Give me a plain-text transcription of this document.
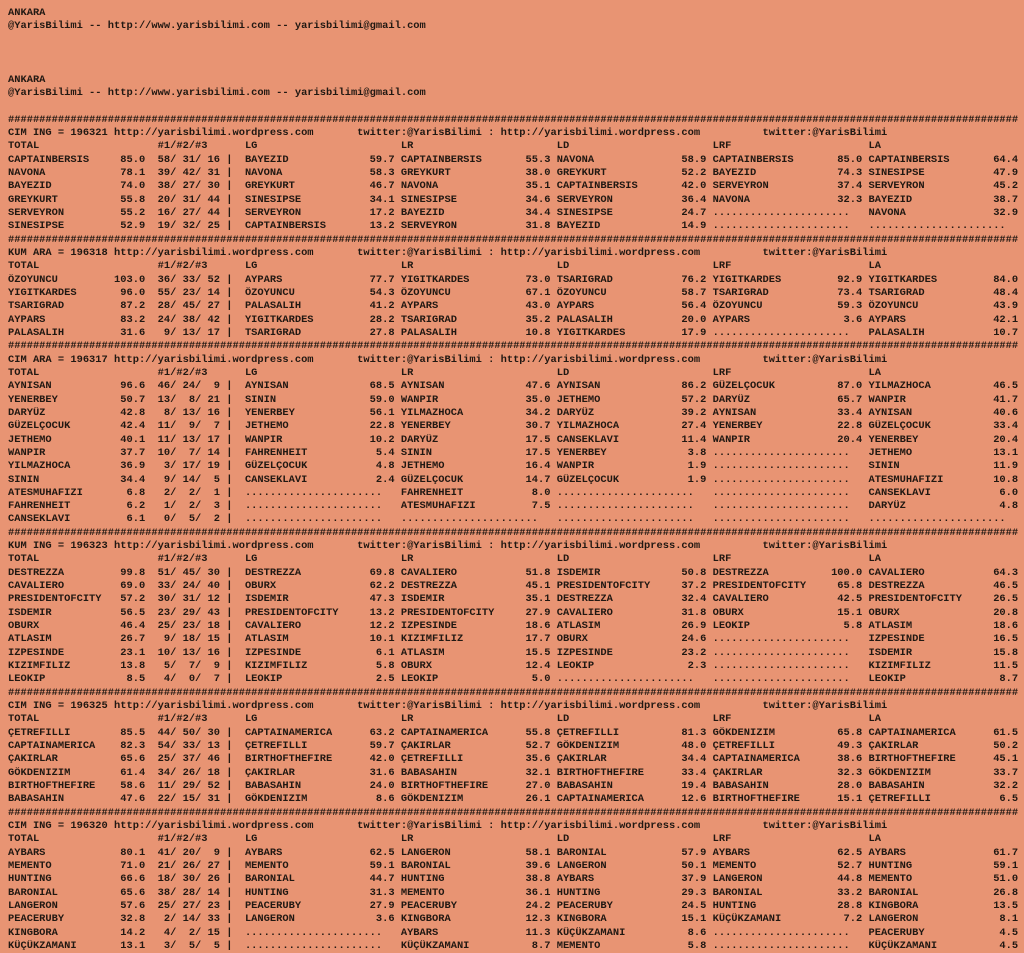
ANKARA
@YarisBilimi -- http://www.yarisbilimi.com -- yarisbilimi@gmail.com
ANKARA
@YarisBilimi -- http://www.yarisbilimi.com -- yarisbilimi@gmail.com
##################################################################################################################################################################
CIM ING = 196321 http://yarisbilimi.wordpress.com       twitter:@YarisBilimi : http://yarisbilimi.wordpress.com          twitter:@YarisBilimi
TOTAL                   #1/#2/#3      LG                       LR                       LD                       LRF                      LA
CAPTAINBERSIS     85.0  58/ 31/ 16 |  BAYEZID             59.7 CAPTAINBERSIS       55.3 NAVONA              58.9 CAPTAINBERSIS       85.0 CAPTAINBERSIS       64.4
NAVONA            78.1  39/ 42/ 31 |  NAVONA              58.3 GREYKURT            38.0 GREYKURT            52.2 BAYEZID             74.3 SINESIPSE           47.9
BAYEZID           74.0  38/ 27/ 30 |  GREYKURT            46.7 NAVONA              35.1 CAPTAINBERSIS       42.0 SERVEYRON           37.4 SERVEYRON           45.2
GREYKURT          55.8  20/ 31/ 44 |  SINESIPSE           34.1 SINESIPSE           34.6 SERVEYRON           36.4 NAVONA              32.3 BAYEZID             38.7
SERVEYRON         55.2  16/ 27/ 44 |  SERVEYRON           17.2 BAYEZID             34.4 SINESIPSE           24.7 ......................   NAVONA              32.9
SINESIPSE         52.9  19/ 32/ 25 |  CAPTAINBERSIS       13.2 SERVEYRON           31.8 BAYEZID             14.9 ......................   ......................
##################################################################################################################################################################
KUM ARA = 196318 http://yarisbilimi.wordpress.com       twitter:@YarisBilimi : http://yarisbilimi.wordpress.com          twitter:@YarisBilimi
TOTAL                   #1/#2/#3      LG                       LR                       LD                       LRF                      LA
ÖZOYUNCU         103.0  36/ 33/ 52 |  AYPARS              77.7 YIGITKARDES         73.0 TSARIGRAD           76.2 YIGITKARDES         92.9 YIGITKARDES         84.0
YIGITKARDES       96.0  55/ 23/ 14 |  ÖZOYUNCU            54.3 ÖZOYUNCU            67.1 ÖZOYUNCU            58.7 TSARIGRAD           73.4 TSARIGRAD           48.4
TSARIGRAD         87.2  28/ 45/ 27 |  PALASALIH           41.2 AYPARS              43.0 AYPARS              56.4 ÖZOYUNCU            59.3 ÖZOYUNCU            43.9
AYPARS            83.2  24/ 38/ 42 |  YIGITKARDES         28.2 TSARIGRAD           35.2 PALASALIH           20.0 AYPARS               3.6 AYPARS              42.1
PALASALIH         31.6   9/ 13/ 17 |  TSARIGRAD           27.8 PALASALIH           10.8 YIGITKARDES         17.9 ......................   PALASALIH           10.7
##################################################################################################################################################################
CIM ARA = 196317 http://yarisbilimi.wordpress.com       twitter:@YarisBilimi : http://yarisbilimi.wordpress.com          twitter:@YarisBilimi
TOTAL                   #1/#2/#3      LG                       LR                       LD                       LRF                      LA
AYNISAN           96.6  46/ 24/  9 |  AYNISAN             68.5 AYNISAN             47.6 AYNISAN             86.2 GÜZELÇOCUK          87.0 YILMAZHOCA          46.5
YENERBEY          50.7  13/  8/ 21 |  SININ               59.0 WANPIR              35.0 JETHEMO             57.2 DARYÜZ              65.7 WANPIR              41.7
DARYÜZ            42.8   8/ 13/ 16 |  YENERBEY            56.1 YILMAZHOCA          34.2 DARYÜZ              39.2 AYNISAN             33.4 AYNISAN             40.6
GÜZELÇOCUK        42.4  11/  9/  7 |  JETHEMO             22.8 YENERBEY            30.7 YILMAZHOCA          27.4 YENERBEY            22.8 GÜZELÇOCUK          33.4
JETHEMO           40.1  11/ 13/ 17 |  WANPIR              10.2 DARYÜZ              17.5 CANSEKLAVI          11.4 WANPIR              20.4 YENERBEY            20.4
WANPIR            37.7  10/  7/ 14 |  FAHRENHEIT           5.4 SININ               17.5 YENERBEY             3.8 ......................   JETHEMO             13.1
YILMAZHOCA        36.9   3/ 17/ 19 |  GÜZELÇOCUK           4.8 JETHEMO             16.4 WANPIR               1.9 ......................   SININ               11.9
SININ             34.4   9/ 14/  5 |  CANSEKLAVI           2.4 GÜZELÇOCUK          14.7 GÜZELÇOCUK           1.9 ......................   ATESMUHAFIZI        10.8
ATESMUHAFIZI       6.8   2/  2/  1 |  ......................   FAHRENHEIT           8.0 ......................   ......................   CANSEKLAVI           6.0
FAHRENHEIT         6.2   1/  2/  3 |  ......................   ATESMUHAFIZI         7.5 ......................   ......................   DARYÜZ               4.8
CANSEKLAVI         6.1   0/  5/  2 |  ......................   ......................   ......................   ......................   ......................
##################################################################################################################################################################
KUM ING = 196323 http://yarisbilimi.wordpress.com       twitter:@YarisBilimi : http://yarisbilimi.wordpress.com          twitter:@YarisBilimi
TOTAL                   #1/#2/#3      LG                       LR                       LD                       LRF                      LA
DESTREZZA         99.8  51/ 45/ 30 |  DESTREZZA           69.8 CAVALIERO           51.8 ISDEMIR             50.8 DESTREZZA          100.0 CAVALIERO           64.3
CAVALIERO         69.0  33/ 24/ 40 |  OBURX               62.2 DESTREZZA           45.1 PRESIDENTOFCITY     37.2 PRESIDENTOFCITY     65.8 DESTREZZA           46.5
PRESIDENTOFCITY   57.2  30/ 31/ 12 |  ISDEMIR             47.3 ISDEMIR             35.1 DESTREZZA           32.4 CAVALIERO           42.5 PRESIDENTOFCITY     26.5
ISDEMIR           56.5  23/ 29/ 43 |  PRESIDENTOFCITY     13.2 PRESIDENTOFCITY     27.9 CAVALIERO           31.8 OBURX               15.1 OBURX               20.8
OBURX             46.4  25/ 23/ 18 |  CAVALIERO           12.2 IZPESINDE           18.6 ATLASIM             26.9 LEOKIP               5.8 ATLASIM             18.6
ATLASIM           26.7   9/ 18/ 15 |  ATLASIM             10.1 KIZIMFILIZ          17.7 OBURX               24.6 ......................   IZPESINDE           16.5
IZPESINDE         23.1  10/ 13/ 16 |  IZPESINDE            6.1 ATLASIM             15.5 IZPESINDE           23.2 ......................   ISDEMIR             15.8
KIZIMFILIZ        13.8   5/  7/  9 |  KIZIMFILIZ           5.8 OBURX               12.4 LEOKIP               2.3 ......................   KIZIMFILIZ          11.5
LEOKIP             8.5   4/  0/  7 |  LEOKIP               2.5 LEOKIP               5.0 ......................   ......................   LEOKIP               8.7
##################################################################################################################################################################
CIM ING = 196325 http://yarisbilimi.wordpress.com       twitter:@YarisBilimi : http://yarisbilimi.wordpress.com          twitter:@YarisBilimi
TOTAL                   #1/#2/#3      LG                       LR                       LD                       LRF                      LA
ÇETREFILLI        85.5  44/ 50/ 30 |  CAPTAINAMERICA      63.2 CAPTAINAMERICA      55.8 ÇETREFILLI          81.3 GÖKDENIZIM          65.8 CAPTAINAMERICA      61.5
CAPTAINAMERICA    82.3  54/ 33/ 13 |  ÇETREFILLI          59.7 ÇAKIRLAR            52.7 GÖKDENIZIM          48.0 ÇETREFILLI          49.3 ÇAKIRLAR            50.2
ÇAKIRLAR          65.6  25/ 37/ 46 |  BIRTHOFTHEFIRE      42.0 ÇETREFILLI          35.6 ÇAKIRLAR            34.4 CAPTAINAMERICA      38.6 BIRTHOFTHEFIRE      45.1
GÖKDENIZIM        61.4  34/ 26/ 18 |  ÇAKIRLAR            31.6 BABASAHIN           32.1 BIRTHOFTHEFIRE      33.4 ÇAKIRLAR            32.3 GÖKDENIZIM          33.7
BIRTHOFTHEFIRE    58.6  11/ 29/ 52 |  BABASAHIN           24.0 BIRTHOFTHEFIRE      27.0 BABASAHIN           19.4 BABASAHIN           28.0 BABASAHIN           32.2
BABASAHIN         47.6  22/ 15/ 31 |  GÖKDENIZIM           8.6 GÖKDENIZIM          26.1 CAPTAINAMERICA      12.6 BIRTHOFTHEFIRE      15.1 ÇETREFILLI           6.5
##################################################################################################################################################################
CIM ING = 196320 http://yarisbilimi.wordpress.com       twitter:@YarisBilimi : http://yarisbilimi.wordpress.com          twitter:@YarisBilimi
TOTAL                   #1/#2/#3      LG                       LR                       LD                       LRF                      LA
AYBARS            80.1  41/ 20/  9 |  AYBARS              62.5 LANGERON            58.1 BARONIAL            57.9 AYBARS              62.5 AYBARS              61.7
MEMENTO           71.0  21/ 26/ 27 |  MEMENTO             59.1 BARONIAL            39.6 LANGERON            50.1 MEMENTO             52.7 HUNTING             59.1
HUNTING           66.6  18/ 30/ 26 |  BARONIAL            44.7 HUNTING             38.8 AYBARS              37.9 LANGERON            44.8 MEMENTO             51.0
BARONIAL          65.6  38/ 28/ 14 |  HUNTING             31.3 MEMENTO             36.1 HUNTING             29.3 BARONIAL            33.2 BARONIAL            26.8
LANGERON          57.6  25/ 27/ 23 |  PEACERUBY           27.9 PEACERUBY           24.2 PEACERUBY           24.5 HUNTING             28.8 KINGBORA            13.5
PEACERUBY         32.8   2/ 14/ 33 |  LANGERON             3.6 KINGBORA            12.3 KINGBORA            15.1 KÜÇÜKZAMANI          7.2 LANGERON             8.1
KINGBORA          14.2   4/  2/ 15 |  ......................   AYBARS              11.3 KÜÇÜKZAMANI          8.6 ......................   PEACERUBY            4.5
KÜÇÜKZAMANI       13.1   3/  5/  5 |  ......................   KÜÇÜKZAMANI          8.7 MEMENTO              5.8 ......................   KÜÇÜKZAMANI          4.5
